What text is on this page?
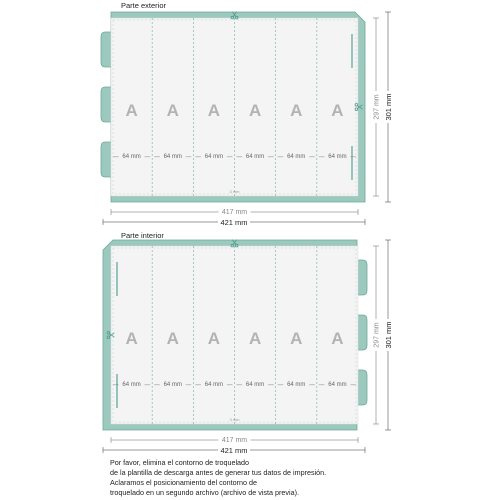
Parte exterior
A A A A A A
64 mm	64 mm	64 mm	64 mm	64 mm	64 mm
3 mm
417 mm
421 mm
297 mm 301 mm
Parte interior
A A A A A A
64 mm	64 mm	64 mm	64 mm	64 mm	64 mm
3 mm
417 mm
421 mm
297 mm 301 mm
Por favor, elimina el contorno de troquelado
de la plantilla de descarga antes de generar tus datos de impresión.
Aclaramos el posicionamiento del contorno de
troquelado en un segundo archivo (archivo de vista previa).
